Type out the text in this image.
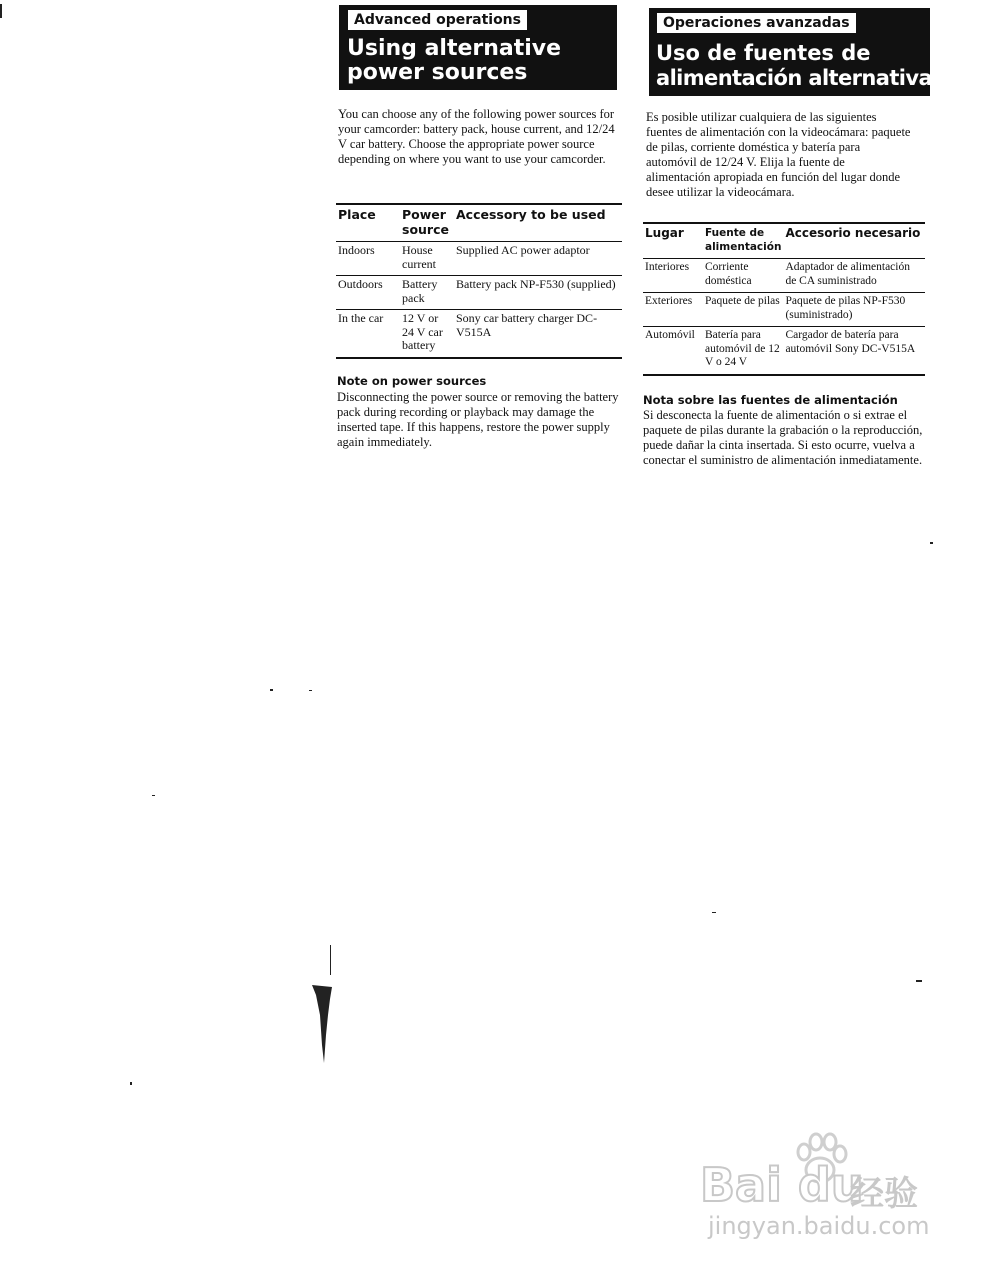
Advanced operations
Using alternative
power sources
You can choose any of the following power sources for your camcorder: battery pack, house current, and 12/24 V car battery. Choose the appropriate power source depending on where you want to use your camcorder.
Place	Power source	Accessory to be used
Indoors	House current	Supplied AC power adaptor
Outdoors	Battery pack	Battery pack NP-F530 (supplied)
In the car	12 V or 24 V car battery	Sony car battery charger DC-V515A
Note on power sources
Disconnecting the power source or removing the battery pack during recording or playback may damage the inserted tape. If this happens, restore the power supply again immediately.
Operaciones avanzadas
Uso de fuentes de
alimentación alternativas
Es posible utilizar cualquiera de las siguientes fuentes de alimentación con la videocámara: paquete de pilas, corriente doméstica y batería para automóvil de 12/24 V. Elija la fuente de alimentación apropiada en función del lugar donde desee utilizar la videocámara.
Lugar	Fuente de alimentación	Accesorio necesario
Interiores	Corriente doméstica	Adaptador de alimentación de CA suministrado
Exteriores	Paquete de pilas	Paquete de pilas NP-F530 (suministrado)
Automóvil	Batería para automóvil de 12 V o 24 V	Cargador de batería para automóvil Sony DC-V515A
Nota sobre las fuentes de alimentación
Si desconecta la fuente de alimentación o si extrae el paquete de pilas durante la grabación o la reproducción, puede dañar la cinta insertada. Si esto ocurre, vuelva a conectar el suministro de alimentación inmediatamente.
Bai du
经验
jingyan.baidu.com
